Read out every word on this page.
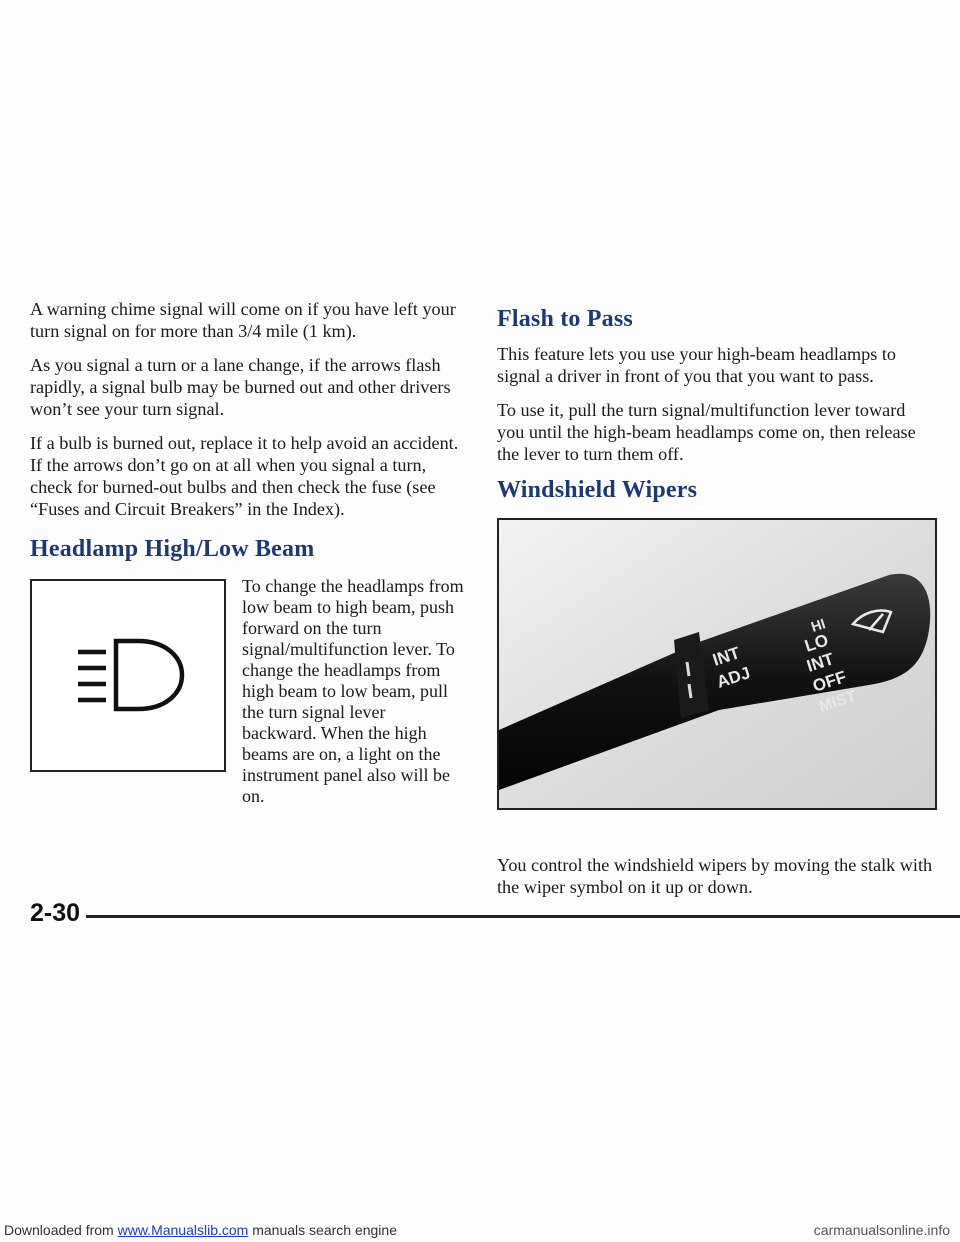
A warning chime signal will come on if you have left your turn signal on for more than 3/4 mile (1 km).

As you signal a turn or a lane change, if the arrows flash rapidly, a signal bulb may be burned out and other drivers won’t see your turn signal.

If a bulb is burned out, replace it to help avoid an accident. If the arrows don’t go on at all when you signal a turn, check for burned-out bulbs and then check the fuse (see “Fuses and Circuit Breakers” in the Index).

Headlamp High/Low Beam

To change the headlamps from low beam to high beam, push forward on the turn signal/multifunction lever. To change the headlamps from high beam to low beam, pull the turn signal lever backward. When the high beams are on, a light on the instrument panel also will be on.

Flash to Pass

This feature lets you use your high-beam headlamps to signal a driver in front of you that you want to pass.

To use it, pull the turn signal/multifunction lever toward you until the high-beam headlamps come on, then release the lever to turn them off.

Windshield Wipers
INT
ADJ
HI
LO
INT
OFF
MIST

You control the windshield wipers by moving the stalk with the wiper symbol on it up or down.

2-30
Downloaded from www.Manualslib.com manuals search engine	carmanualsonline.info
